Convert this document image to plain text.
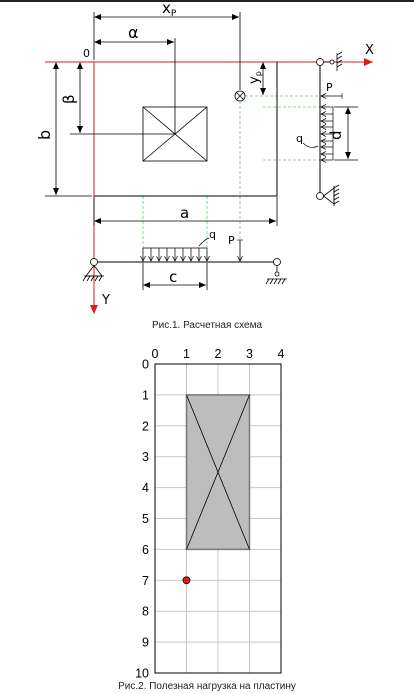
$x_P$
α
0
b
β
$y_p$
a
q P
c
P
q d
X
Y
Рис.1. Расчетная схема
0 1 2 3 4
0
1
2
3
4
5
6
7
8
9
10
Рис.2. Полезная нагрузка на пластину
